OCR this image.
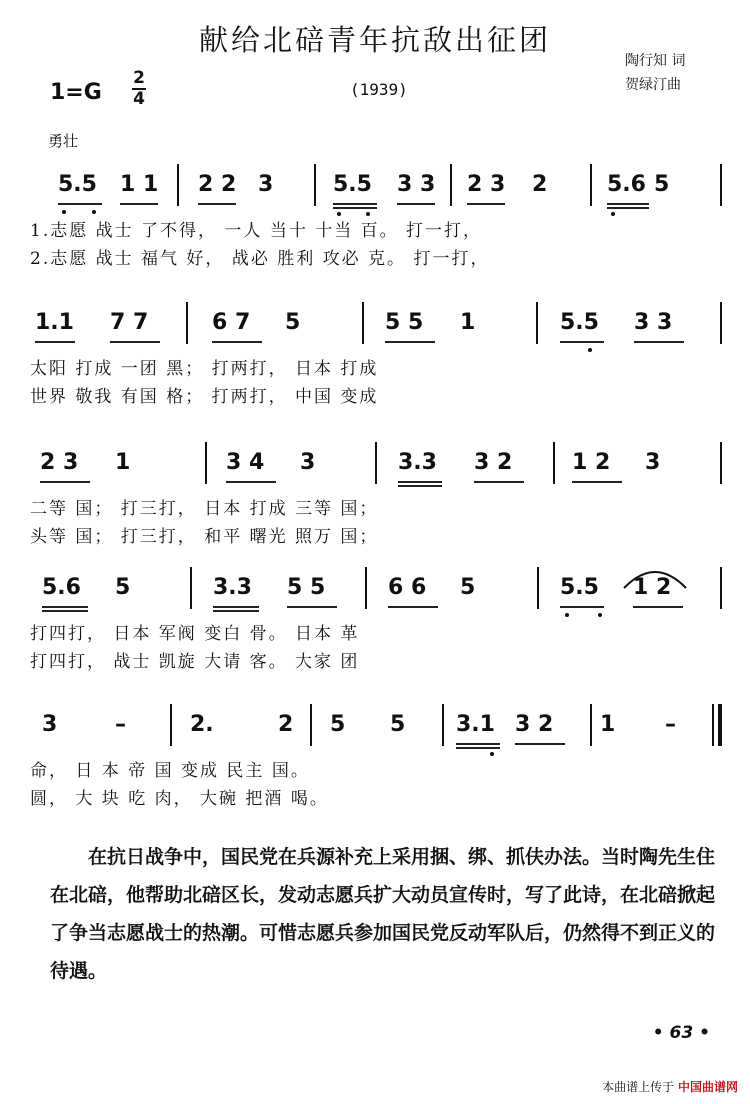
献给北碚青年抗敌出征团
陶行知 词
贺绿汀曲
1=G
2
4	(1939)
勇壮
5.5 1 1 2 2 3	5.5 3 3 2 3 2	5.6 5
1.志愿 战士 了不得， 一人 当十 十当 百。 打一打，
2.志愿 战士 福气 好， 战必 胜利 攻必 克。 打一打，
1.1 7 7	6 7 5	5 5 1	5.5 3 3
太阳 打成 一团 黑； 打两打， 日本 打成
世界 敬我 有国 格； 打两打， 中国 变成
2 3 1	3 4 3	3.3 3 2	1 2 3
二等 国； 打三打， 日本 打成 三等 国；
头等 国； 打三打， 和平 曙光 照万 国；
5.6 5	3.3 5 5	6 6 5	5.5 1 2
打四打， 日本 军阀 变白 骨。 日本 革
打四打， 战士 凯旋 大请 客。 大家 团
3	–	2.	2 5 5 3.1 3 2 1 –
命， 日 本 帝 国 变成 民主 国。
圆， 大 块 吃 肉， 大碗 把酒 喝。
在抗日战争中，国民党在兵源补充上采用捆、绑、抓伕办法。当时陶先生住在北碚，他帮助北碚区长，发动志愿兵扩大动员宣传时，写了此诗，在北碚掀起了争当志愿战士的热潮。可惜志愿兵参加国民党反动军队后，仍然得不到正义的待遇。
• 63 •
本曲谱上传于 中国曲谱网
